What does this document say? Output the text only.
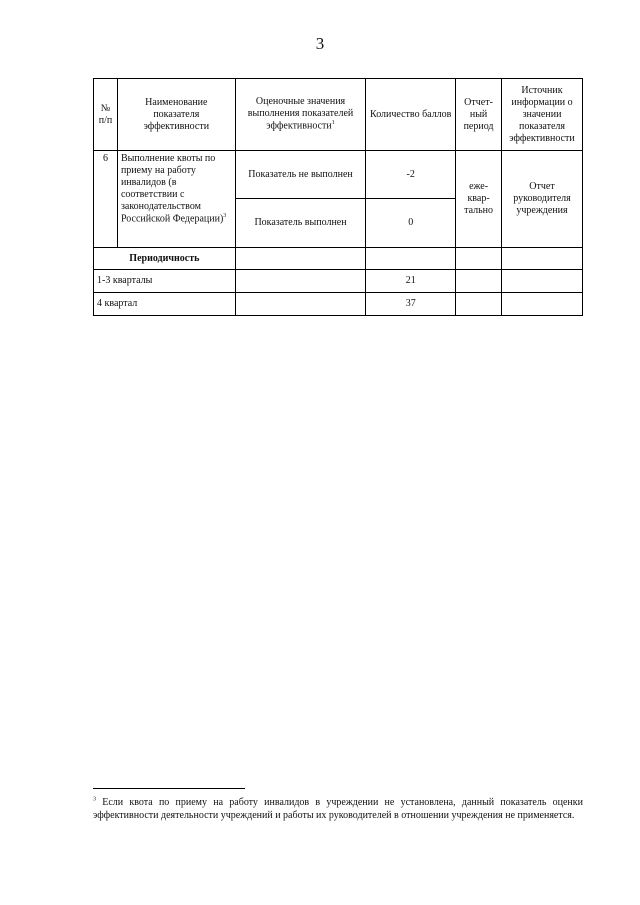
3
№ п/п	Наименование показателя эффективности	Оценочные значения выполнения показателей эффективности$^1$	Количество баллов	Отчет-ный период	Источник информации о значении показателя эффективности
6	Выполнение квоты по приему на работу инвалидов (в соответствии с законодательством Российской Федерации)$^3$	Показатель не выполнен	-2	еже-квар-тально	Отчет руководителя учреждения
		Показатель выполнен	0		
Периодичность					
1-3 кварталы			21		
4 квартал			37		
$^3$ Если квота по приему на работу инвалидов в учреждении не установлена, данный показатель оценки эффективности деятельности учреждений и работы их руководителей в отношении учреждения не применяется.
